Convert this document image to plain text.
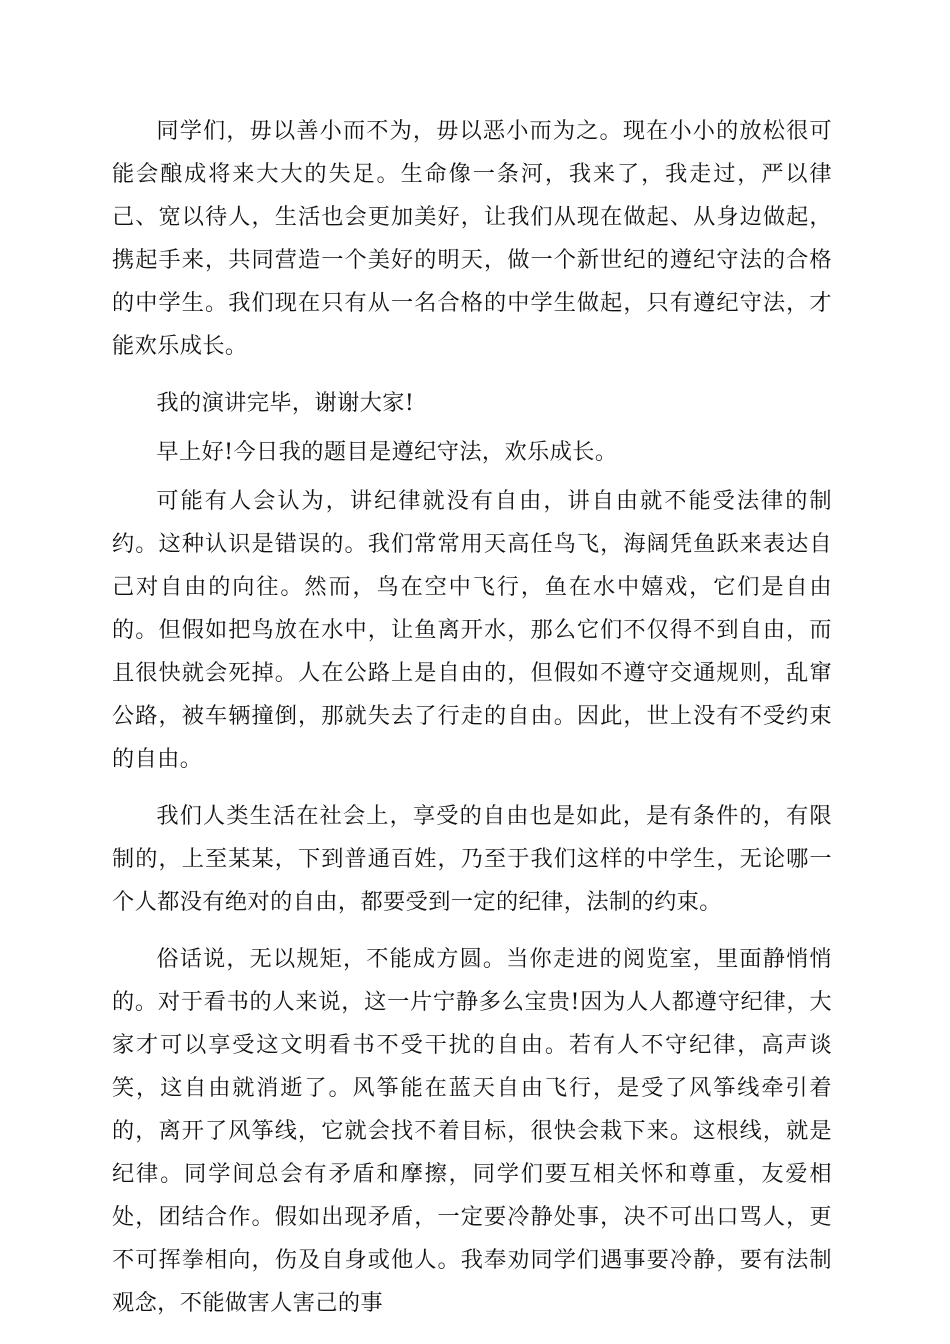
同学们，毋以善小而不为，毋以恶小而为之。现在小小的放松很可能会酿成将来大大的失足。生命像一条河，我来了，我走过，严以律己、宽以待人，生活也会更加美好，让我们从现在做起、从身边做起，携起手来，共同营造一个美好的明天，做一个新世纪的遵纪守法的合格的中学生。我们现在只有从一名合格的中学生做起，只有遵纪守法，才能欢乐成长。

我的演讲完毕，谢谢大家!

早上好!今日我的题目是遵纪守法，欢乐成长。

可能有人会认为，讲纪律就没有自由，讲自由就不能受法律的制约。这种认识是错误的。我们常常用天高任鸟飞，海阔凭鱼跃来表达自己对自由的向往。然而，鸟在空中飞行，鱼在水中嬉戏，它们是自由的。但假如把鸟放在水中，让鱼离开水，那么它们不仅得不到自由，而且很快就会死掉。人在公路上是自由的，但假如不遵守交通规则，乱窜公路，被车辆撞倒，那就失去了行走的自由。因此，世上没有不受约束的自由。

我们人类生活在社会上，享受的自由也是如此，是有条件的，有限制的，上至某某，下到普通百姓，乃至于我们这样的中学生，无论哪一个人都没有绝对的自由，都要受到一定的纪律，法制的约束。

俗话说，无以规矩，不能成方圆。当你走进的阅览室，里面静悄悄的。对于看书的人来说，这一片宁静多么宝贵!因为人人都遵守纪律，大家才可以享受这文明看书不受干扰的自由。若有人不守纪律，高声谈笑，这自由就消逝了。风筝能在蓝天自由飞行，是受了风筝线牵引着的，离开了风筝线，它就会找不着目标，很快会栽下来。这根线，就是纪律。同学间总会有矛盾和摩擦，同学们要互相关怀和尊重，友爱相处，团结合作。假如出现矛盾，一定要冷静处事，决不可出口骂人，更不可挥拳相向，伤及自身或他人。我奉劝同学们遇事要冷静，要有法制观念，不能做害人害己的事
